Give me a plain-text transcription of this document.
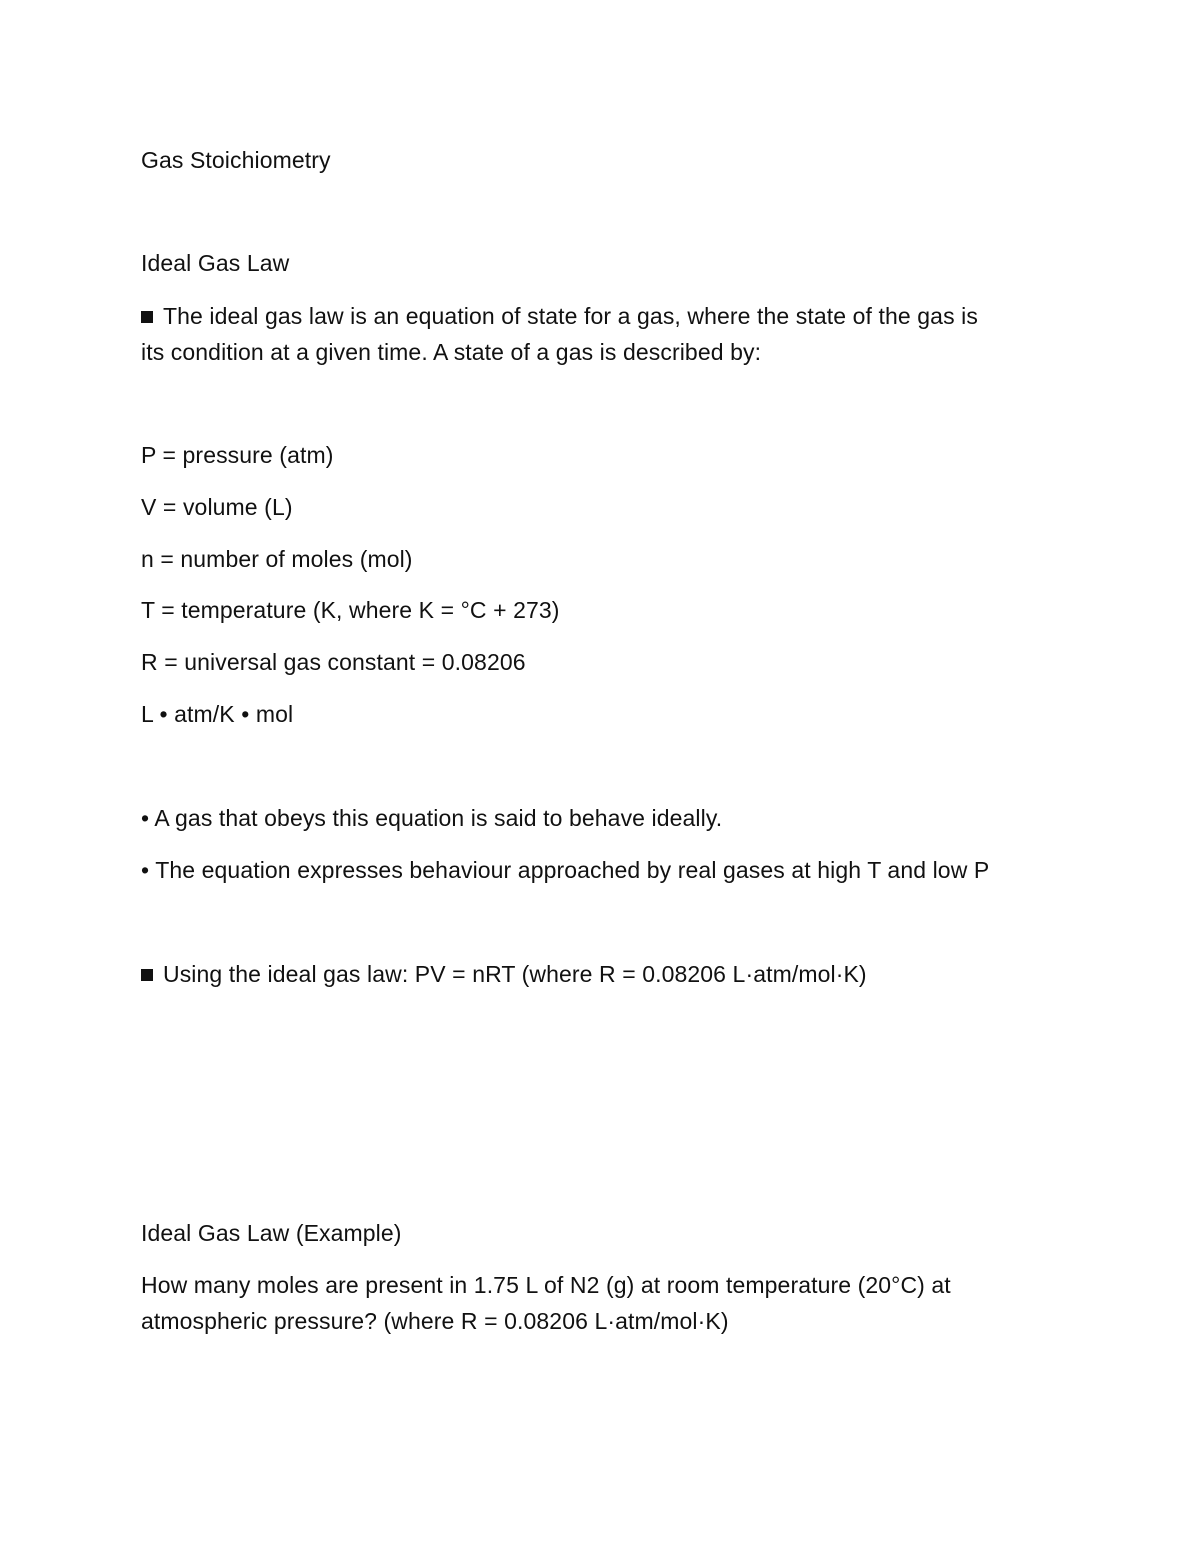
Gas Stoichiometry
Ideal Gas Law
The ideal gas law is an equation of state for a gas, where the state of the gas is
its condition at a given time. A state of a gas is described by:
P = pressure (atm)
V = volume (L)
n = number of moles (mol)
T = temperature (K, where K = °C + 273)
R = universal gas constant = 0.08206
L • atm/K • mol
• A gas that obeys this equation is said to behave ideally.
• The equation expresses behaviour approached by real gases at high T and low P
Using the ideal gas law: PV = nRT (where R = 0.08206 L·atm/mol·K)
Ideal Gas Law (Example)
How many moles are present in 1.75 L of N2 (g) at room temperature (20°C) at
atmospheric pressure? (where R = 0.08206 L·atm/mol·K)
